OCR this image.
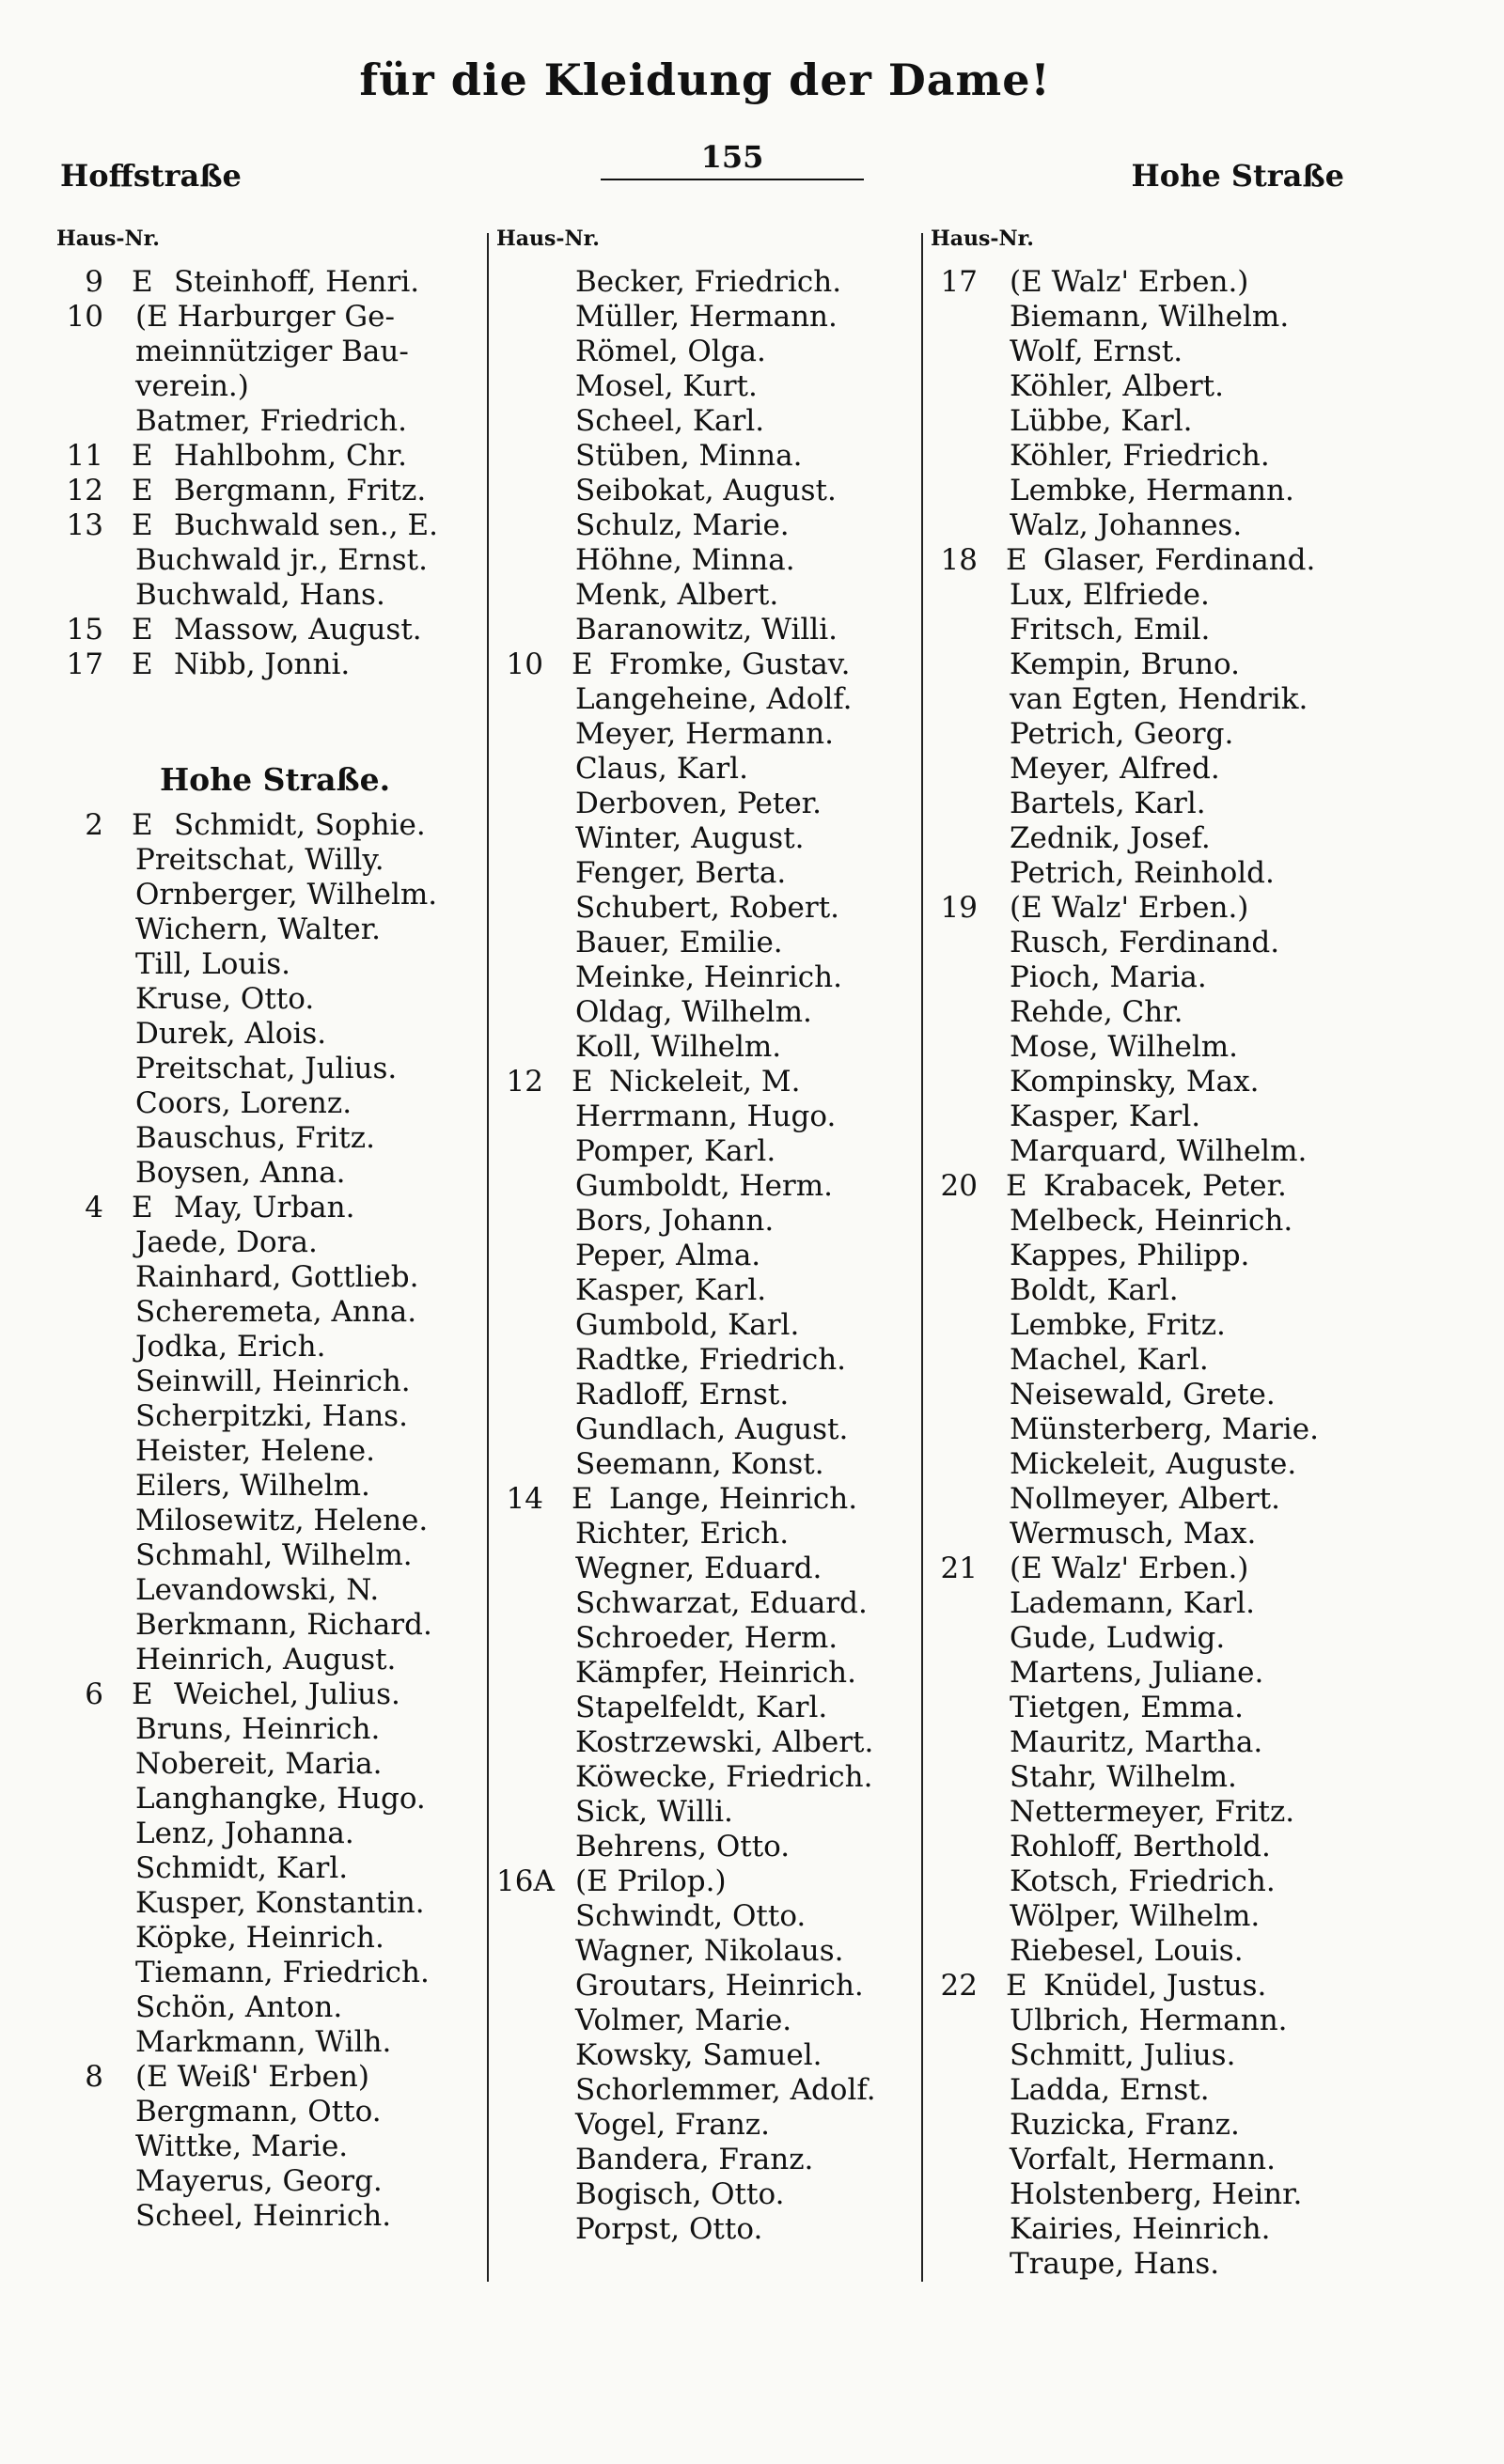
für die Kleidung der Dame!
Hoffstraße
155
Hohe Straße
Haus-Nr.
9 E Steinhoff, Henri.
10 (E Harburger Ge-
meinnütziger Bau-
verein.)
Batmer, Friedrich.
11 E Hahlbohm, Chr.
12 E Bergmann, Fritz.
13 E Buchwald sen., E.
Buchwald jr., Ernst.
Buchwald, Hans.
15 E Massow, August.
17 E Nibb, Jonni.
Hohe Straße.
2 E Schmidt, Sophie.
Preitschat, Willy.
Ornberger, Wilhelm.
Wichern, Walter.
Till, Louis.
Kruse, Otto.
Durek, Alois.
Preitschat, Julius.
Coors, Lorenz.
Bauschus, Fritz.
Boysen, Anna.
4 E May, Urban.
Jaede, Dora.
Rainhard, Gottlieb.
Scheremeta, Anna.
Jodka, Erich.
Seinwill, Heinrich.
Scherpitzki, Hans.
Heister, Helene.
Eilers, Wilhelm.
Milosewitz, Helene.
Schmahl, Wilhelm.
Levandowski, N.
Berkmann, Richard.
Heinrich, August.
6 E Weichel, Julius.
Bruns, Heinrich.
Nobereit, Maria.
Langhangke, Hugo.
Lenz, Johanna.
Schmidt, Karl.
Kusper, Konstantin.
Köpke, Heinrich.
Tiemann, Friedrich.
Schön, Anton.
Markmann, Wilh.
8 (E Weiß' Erben)
Bergmann, Otto.
Wittke, Marie.
Mayerus, Georg.
Scheel, Heinrich.
Haus-Nr.
Becker, Friedrich.
Müller, Hermann.
Römel, Olga.
Mosel, Kurt.
Scheel, Karl.
Stüben, Minna.
Seibokat, August.
Schulz, Marie.
Höhne, Minna.
Menk, Albert.
Baranowitz, Willi.
10 E Fromke, Gustav.
Langeheine, Adolf.
Meyer, Hermann.
Claus, Karl.
Derboven, Peter.
Winter, August.
Fenger, Berta.
Schubert, Robert.
Bauer, Emilie.
Meinke, Heinrich.
Oldag, Wilhelm.
Koll, Wilhelm.
12 E Nickeleit, M.
Herrmann, Hugo.
Pomper, Karl.
Gumboldt, Herm.
Bors, Johann.
Peper, Alma.
Kasper, Karl.
Gumbold, Karl.
Radtke, Friedrich.
Radloff, Ernst.
Gundlach, August.
Seemann, Konst.
14 E Lange, Heinrich.
Richter, Erich.
Wegner, Eduard.
Schwarzat, Eduard.
Schroeder, Herm.
Kämpfer, Heinrich.
Stapelfeldt, Karl.
Kostrzewski, Albert.
Köwecke, Friedrich.
Sick, Willi.
Behrens, Otto.
16A (E Prilop.)
Schwindt, Otto.
Wagner, Nikolaus.
Groutars, Heinrich.
Volmer, Marie.
Kowsky, Samuel.
Schorlemmer, Adolf.
Vogel, Franz.
Bandera, Franz.
Bogisch, Otto.
Porpst, Otto.
Haus-Nr.
17 (E Walz' Erben.)
Biemann, Wilhelm.
Wolf, Ernst.
Köhler, Albert.
Lübbe, Karl.
Köhler, Friedrich.
Lembke, Hermann.
Walz, Johannes.
18 E Glaser, Ferdinand.
Lux, Elfriede.
Fritsch, Emil.
Kempin, Bruno.
van Egten, Hendrik.
Petrich, Georg.
Meyer, Alfred.
Bartels, Karl.
Zednik, Josef.
Petrich, Reinhold.
19 (E Walz' Erben.)
Rusch, Ferdinand.
Pioch, Maria.
Rehde, Chr.
Mose, Wilhelm.
Kompinsky, Max.
Kasper, Karl.
Marquard, Wilhelm.
20 E Krabacek, Peter.
Melbeck, Heinrich.
Kappes, Philipp.
Boldt, Karl.
Lembke, Fritz.
Machel, Karl.
Neisewald, Grete.
Münsterberg, Marie.
Mickeleit, Auguste.
Nollmeyer, Albert.
Wermusch, Max.
21 (E Walz' Erben.)
Lademann, Karl.
Gude, Ludwig.
Martens, Juliane.
Tietgen, Emma.
Mauritz, Martha.
Stahr, Wilhelm.
Nettermeyer, Fritz.
Rohloff, Berthold.
Kotsch, Friedrich.
Wölper, Wilhelm.
Riebesel, Louis.
22 E Knüdel, Justus.
Ulbrich, Hermann.
Schmitt, Julius.
Ladda, Ernst.
Ruzicka, Franz.
Vorfalt, Hermann.
Holstenberg, Heinr.
Kairies, Heinrich.
Traupe, Hans.
